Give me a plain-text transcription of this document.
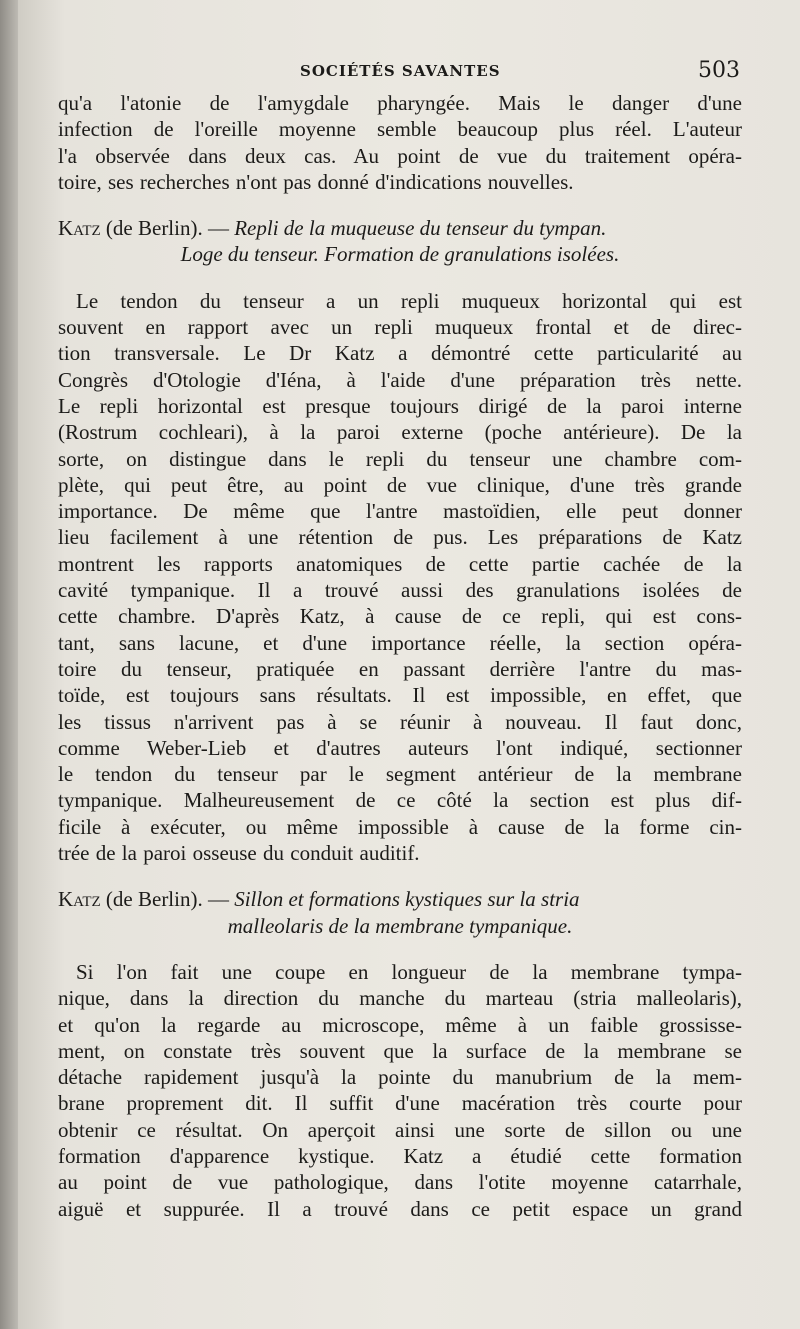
SOCIÉTÉS SAVANTES	503
qu'a l'atonie de l'amygdale pharyngée. Mais le danger d'une
infection de l'oreille moyenne semble beaucoup plus réel. L'auteur
l'a observée dans deux cas. Au point de vue du traitement opéra-
toire, ses recherches n'ont pas donné d'indications nouvelles.
Katz (de Berlin). — Repli de la muqueuse du tenseur du tympan.
Loge du tenseur. Formation de granulations isolées.
Le tendon du tenseur a un repli muqueux horizontal qui est
souvent en rapport avec un repli muqueux frontal et de direc-
tion transversale. Le Dr Katz a démontré cette particularité au
Congrès d'Otologie d'Iéna, à l'aide d'une préparation très nette.
Le repli horizontal est presque toujours dirigé de la paroi interne
(Rostrum cochleari), à la paroi externe (poche antérieure). De la
sorte, on distingue dans le repli du tenseur une chambre com-
plète, qui peut être, au point de vue clinique, d'une très grande
importance. De même que l'antre mastoïdien, elle peut donner
lieu facilement à une rétention de pus. Les préparations de Katz
montrent les rapports anatomiques de cette partie cachée de la
cavité tympanique. Il a trouvé aussi des granulations isolées de
cette chambre. D'après Katz, à cause de ce repli, qui est cons-
tant, sans lacune, et d'une importance réelle, la section opéra-
toire du tenseur, pratiquée en passant derrière l'antre du mas-
toïde, est toujours sans résultats. Il est impossible, en effet, que
les tissus n'arrivent pas à se réunir à nouveau. Il faut donc,
comme Weber-Lieb et d'autres auteurs l'ont indiqué, sectionner
le tendon du tenseur par le segment antérieur de la membrane
tympanique. Malheureusement de ce côté la section est plus dif-
ficile à exécuter, ou même impossible à cause de la forme cin-
trée de la paroi osseuse du conduit auditif.
Katz (de Berlin). — Sillon et formations kystiques sur la stria
malleolaris de la membrane tympanique.
Si l'on fait une coupe en longueur de la membrane tympa-
nique, dans la direction du manche du marteau (stria malleolaris),
et qu'on la regarde au microscope, même à un faible grossisse-
ment, on constate très souvent que la surface de la membrane se
détache rapidement jusqu'à la pointe du manubrium de la mem-
brane proprement dit. Il suffit d'une macération très courte pour
obtenir ce résultat. On aperçoit ainsi une sorte de sillon ou une
formation d'apparence kystique. Katz a étudié cette formation
au point de vue pathologique, dans l'otite moyenne catarrhale,
aiguë et suppurée. Il a trouvé dans ce petit espace un grand
